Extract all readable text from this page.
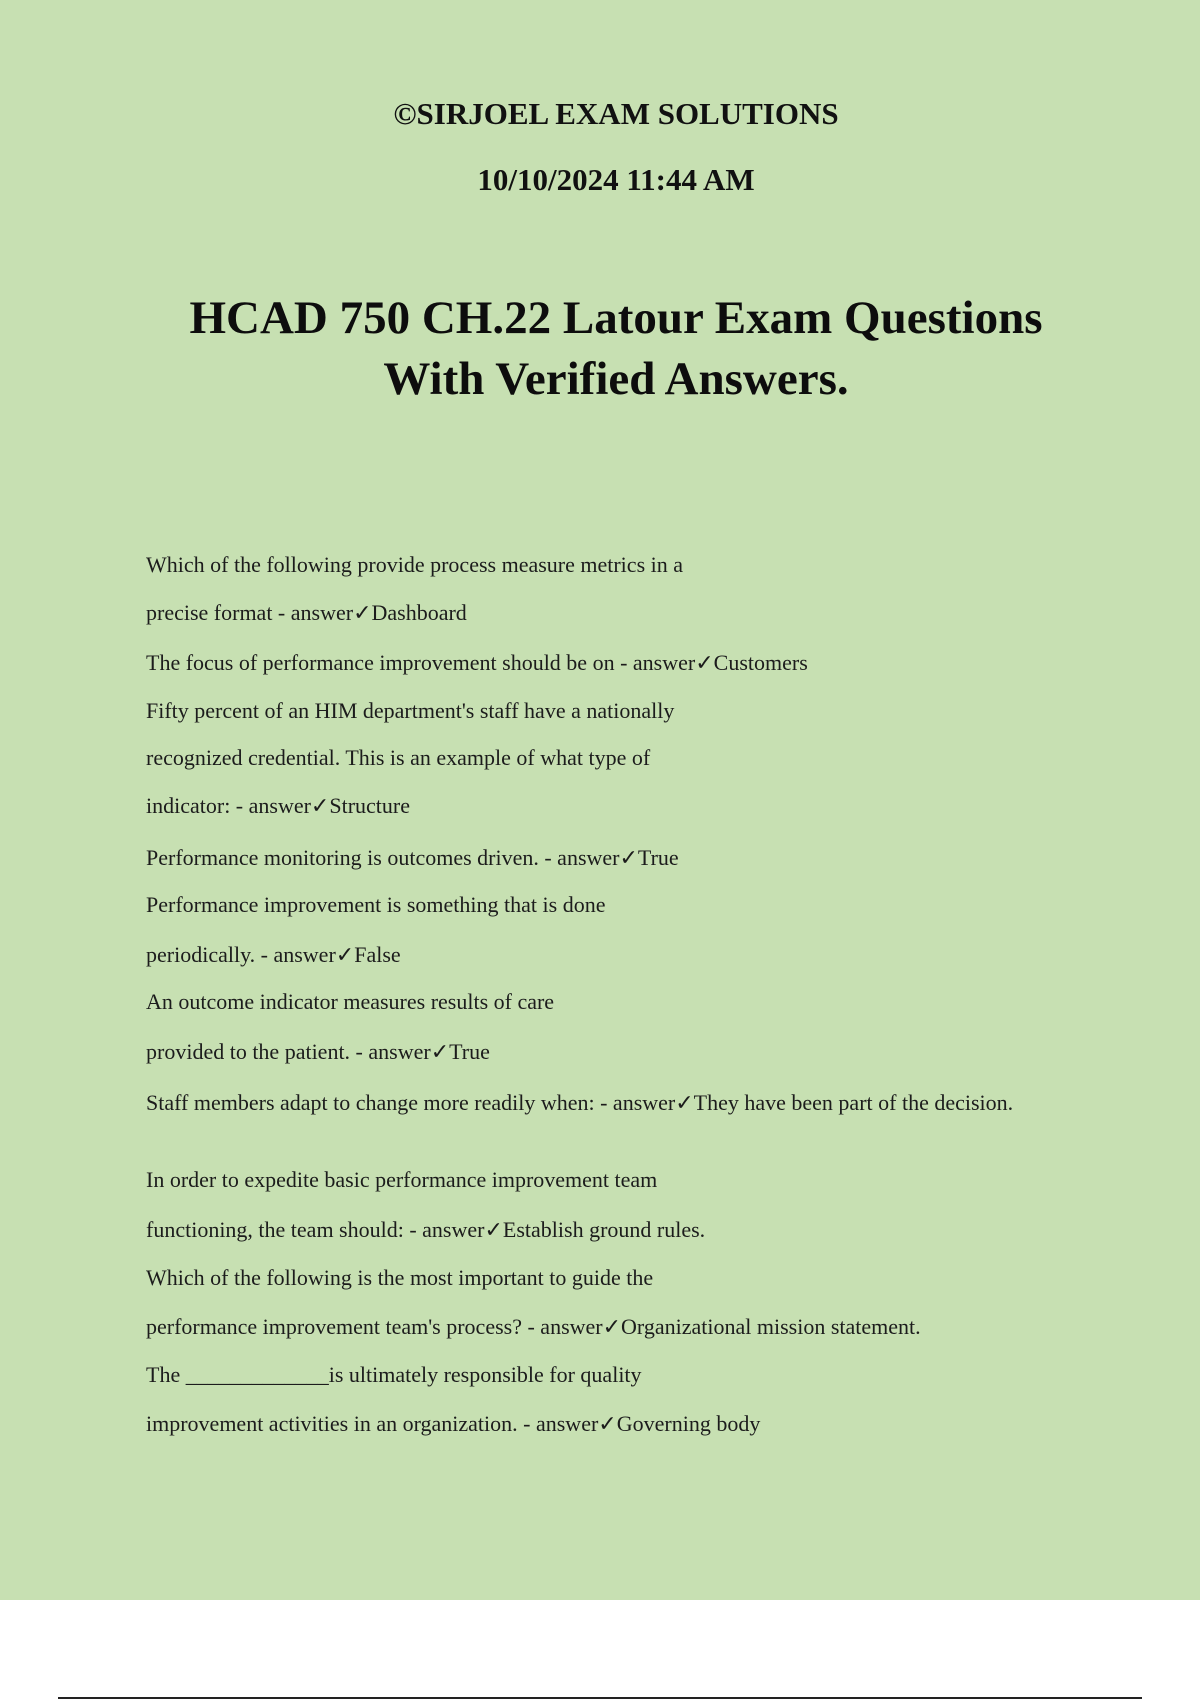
©SIRJOEL EXAM SOLUTIONS

10/10/2024 11:44 AM

HCAD 750 CH.22 Latour Exam Questions
With Verified Answers.
Which of the following provide process measure metrics in a
precise format - answer✓Dashboard
The focus of performance improvement should be on - answer✓Customers
Fifty percent of an HIM department's staff have a nationally
recognized credential. This is an example of what type of
indicator: - answer✓Structure
Performance monitoring is outcomes driven. - answer✓True
Performance improvement is something that is done
periodically. - answer✓False
An outcome indicator measures results of care
provided to the patient. - answer✓True
Staff members adapt to change more readily when: - answer✓They have been part of the decision.
In order to expedite basic performance improvement team
functioning, the team should: - answer✓Establish ground rules.
Which of the following is the most important to guide the
performance improvement team's process? - answer✓Organizational mission statement.
The _____________is ultimately responsible for quality
improvement activities in an organization. - answer✓Governing body
